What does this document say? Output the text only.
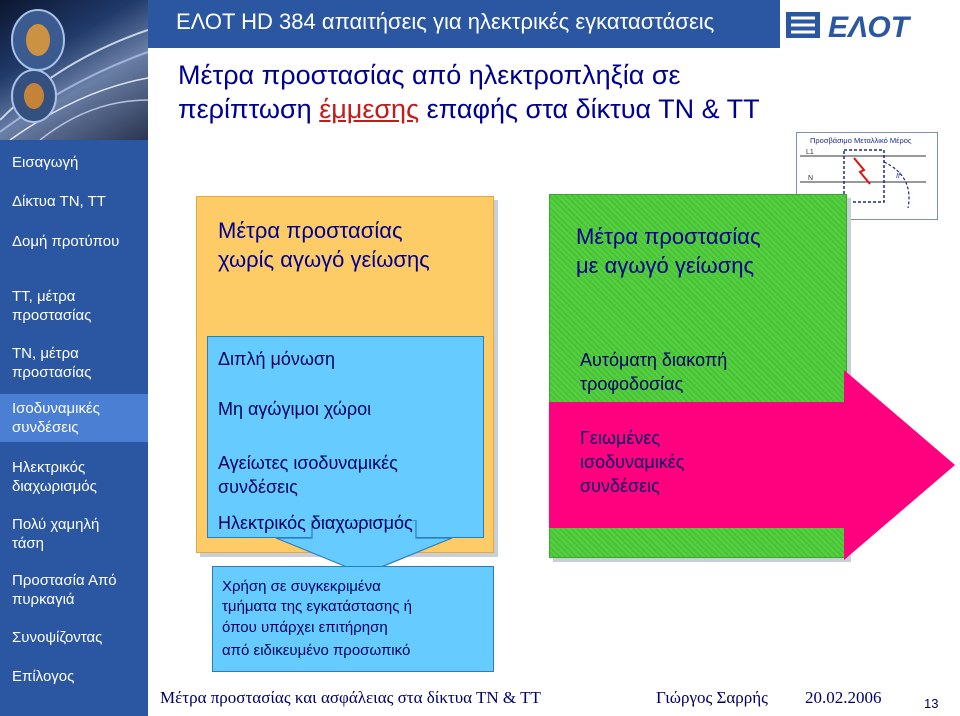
ΕΛΟΤ HD 384 απαιτήσεις για ηλεκτρικές εγκαταστάσεις	ΕΛΟΤ
Μέτρα προστασίας από ηλεκτροπληξία σε
περίπτωση έμμεσης επαφής στα δίκτυα ΤΝ & ΤΤ
Εισαγωγή
Δίκτυα ΤΝ, ΤΤ
Δομή προτύπου
ΤΤ, μέτρα προστασίας
ΤΝ, μέτρα προστασίας
Ισοδυναμικές συνδέσεις
Ηλεκτρικός διαχωρισμός
Πολύ χαμηλή τάση
Προστασία Από πυρκαγιά
Συνοψίζοντας
Επίλογος
Προσβάσιμο Μεταλλικό Μέρος
L1
N	If
Μέτρα προστασίας
χωρίς αγωγό γείωσης
Μέτρα προστασίας
με αγωγό γείωσης
Αυτόματη διακοπή
τροφοδοσίας
Γειωμένες
ισοδυναμικές
συνδέσεις
Διπλή μόνωση
Μη αγώγιμοι χώροι
Αγείωτες ισοδυναμικές
συνδέσεις
Ηλεκτρικός διαχωρισμός
Χρήση σε συγκεκριμένα
τμήματα της εγκατάστασης ή
όπου υπάρχει επιτήρηση
από ειδικευμένο προσωπικό
Μέτρα προστασίας και ασφάλειας στα δίκτυα ΤΝ & ΤΤ	Γιώργος Σαρρής 20.02.2006	13
